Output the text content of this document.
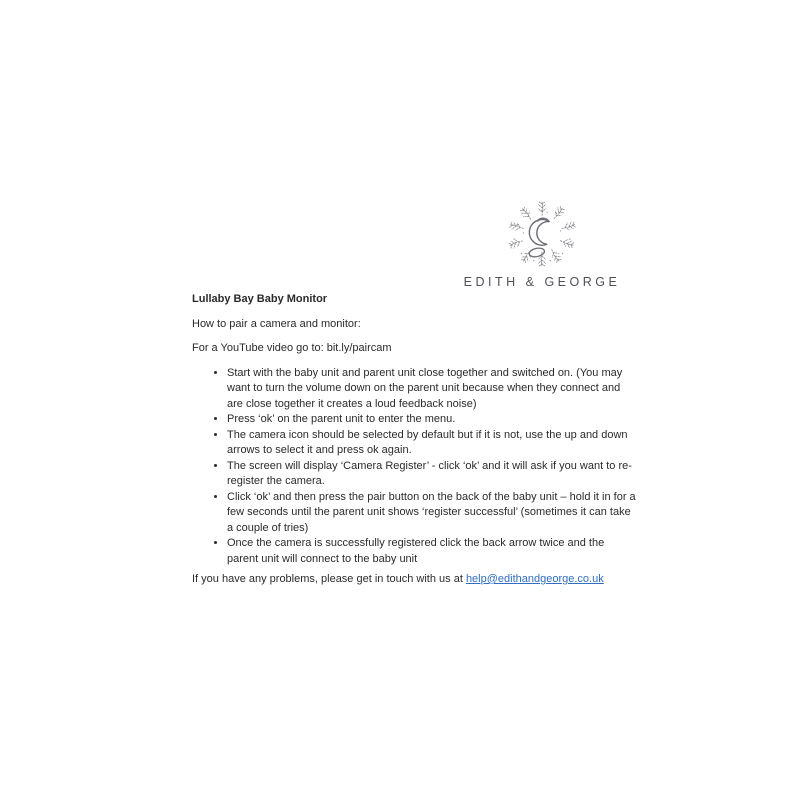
EDITH & GEORGE

Lullaby Bay Baby Monitor

How to pair a camera and monitor:

For a YouTube video go to: bit.ly/paircam

• Start with the baby unit and parent unit close together and switched on. (You may want to turn the volume down on the parent unit because when they connect and are close together it creates a loud feedback noise)
• Press ‘ok’ on the parent unit to enter the menu.
• The camera icon should be selected by default but if it is not, use the up and down arrows to select it and press ok again.
• The screen will display ‘Camera Register’ - click ‘ok’ and it will ask if you want to re-register the camera.
• Click ‘ok’ and then press the pair button on the back of the baby unit – hold it in for a few seconds until the parent unit shows ‘register successful’ (sometimes it can take a couple of tries)
• Once the camera is successfully registered click the back arrow twice and the parent unit will connect to the baby unit

If you have any problems, please get in touch with us at help@edithandgeorge.co.uk
